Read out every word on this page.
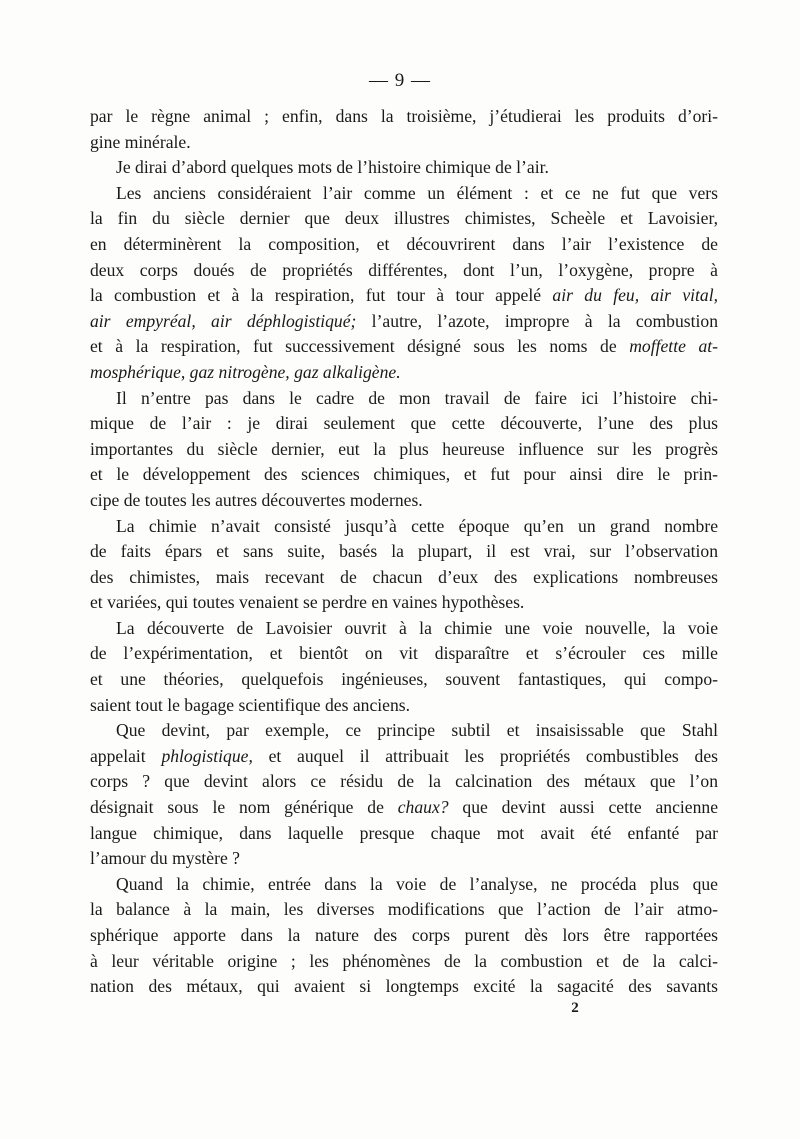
— 9 —
par le règne animal ; enfin, dans la troisième, j’étudierai les produits d’ori-
gine minérale.
Je dirai d’abord quelques mots de l’histoire chimique de l’air.
Les anciens considéraient l’air comme un élément : et ce ne fut que vers
la fin du siècle dernier que deux illustres chimistes, Scheèle et Lavoisier,
en déterminèrent la composition, et découvrirent dans l’air l’existence de
deux corps doués de propriétés différentes, dont l’un, l’oxygène, propre à
la combustion et à la respiration, fut tour à tour appelé air du feu, air vital,
air empyréal, air déphlogistiqué; l’autre, l’azote, impropre à la combustion
et à la respiration, fut successivement désigné sous les noms de moffette at-
mosphérique, gaz nitrogène, gaz alkaligène.
Il n’entre pas dans le cadre de mon travail de faire ici l’histoire chi-
mique de l’air : je dirai seulement que cette découverte, l’une des plus
importantes du siècle dernier, eut la plus heureuse influence sur les progrès
et le développement des sciences chimiques, et fut pour ainsi dire le prin-
cipe de toutes les autres découvertes modernes.
La chimie n’avait consisté jusqu’à cette époque qu’en un grand nombre
de faits épars et sans suite, basés la plupart, il est vrai, sur l’observation
des chimistes, mais recevant de chacun d’eux des explications nombreuses
et variées, qui toutes venaient se perdre en vaines hypothèses.
La découverte de Lavoisier ouvrit à la chimie une voie nouvelle, la voie
de l’expérimentation, et bientôt on vit disparaître et s’écrouler ces mille
et une théories, quelquefois ingénieuses, souvent fantastiques, qui compo-
saient tout le bagage scientifique des anciens.
Que devint, par exemple, ce principe subtil et insaisissable que Stahl
appelait phlogistique, et auquel il attribuait les propriétés combustibles des
corps ? que devint alors ce résidu de la calcination des métaux que l’on
désignait sous le nom générique de chaux? que devint aussi cette ancienne
langue chimique, dans laquelle presque chaque mot avait été enfanté par
l’amour du mystère ?
Quand la chimie, entrée dans la voie de l’analyse, ne procéda plus que
la balance à la main, les diverses modifications que l’action de l’air atmo-
sphérique apporte dans la nature des corps purent dès lors être rapportées
à leur véritable origine ; les phénomènes de la combustion et de la calci-
nation des métaux, qui avaient si longtemps excité la sagacité des savants
2
